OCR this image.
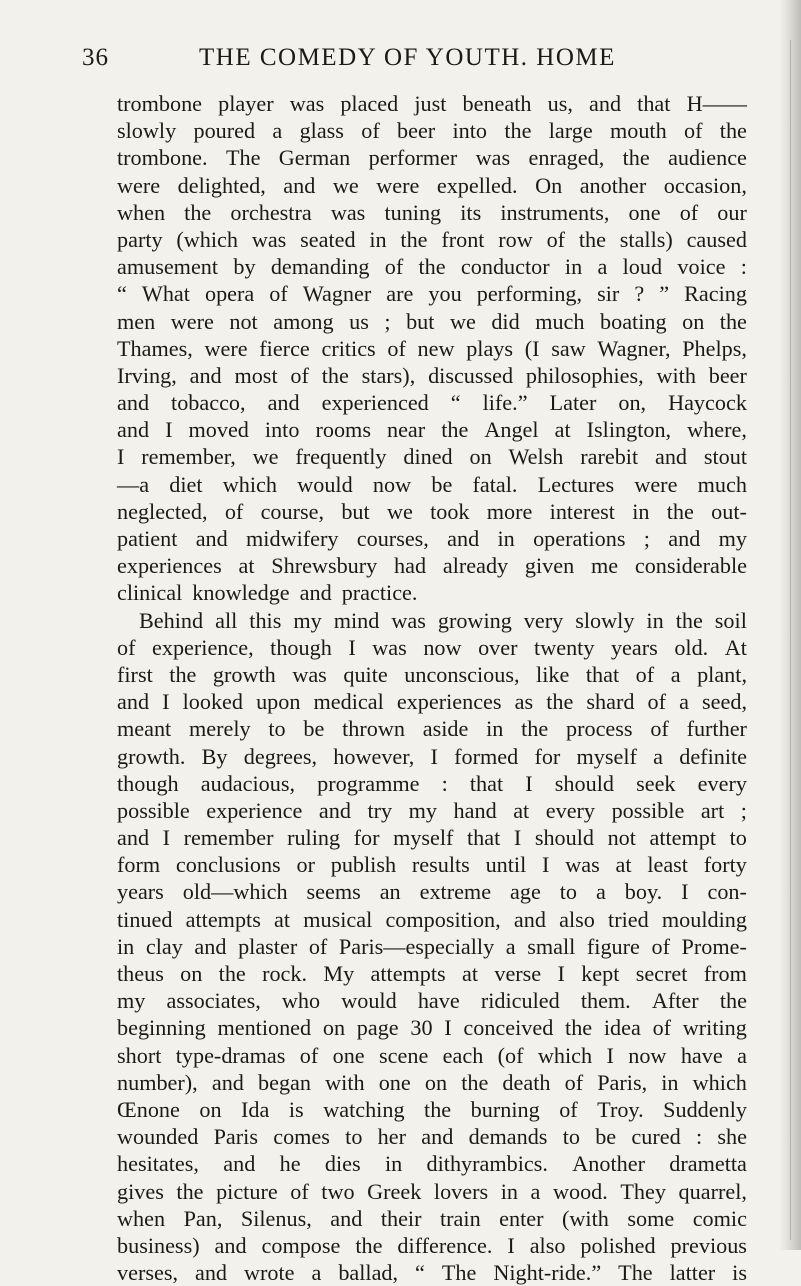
36	THE COMEDY OF YOUTH. HOME
trombone player was placed just beneath us, and that H——
slowly poured a glass of beer into the large mouth of the
trombone. The German performer was enraged, the audience
were delighted, and we were expelled. On another occasion,
when the orchestra was tuning its instruments, one of our
party (which was seated in the front row of the stalls) caused
amusement by demanding of the conductor in a loud voice :
“ What opera of Wagner are you performing, sir ? ” Racing
men were not among us ; but we did much boating on the
Thames, were fierce critics of new plays (I saw Wagner, Phelps,
Irving, and most of the stars), discussed philosophies, with beer
and tobacco, and experienced “ life.” Later on, Haycock
and I moved into rooms near the Angel at Islington, where,
I remember, we frequently dined on Welsh rarebit and stout
—a diet which would now be fatal. Lectures were much
neglected, of course, but we took more interest in the out-
patient and midwifery courses, and in operations ; and my
experiences at Shrewsbury had already given me considerable
clinical knowledge and practice.
Behind all this my mind was growing very slowly in the soil
of experience, though I was now over twenty years old. At
first the growth was quite unconscious, like that of a plant,
and I looked upon medical experiences as the shard of a seed,
meant merely to be thrown aside in the process of further
growth. By degrees, however, I formed for myself a definite
though audacious, programme : that I should seek every
possible experience and try my hand at every possible art ;
and I remember ruling for myself that I should not attempt to
form conclusions or publish results until I was at least forty
years old—which seems an extreme age to a boy. I con-
tinued attempts at musical composition, and also tried moulding
in clay and plaster of Paris—especially a small figure of Prome-
theus on the rock. My attempts at verse I kept secret from
my associates, who would have ridiculed them. After the
beginning mentioned on page 30 I conceived the idea of writing
short type-dramas of one scene each (of which I now have a
number), and began with one on the death of Paris, in which
Œnone on Ida is watching the burning of Troy. Suddenly
wounded Paris comes to her and demands to be cured : she
hesitates, and he dies in dithyrambics. Another drametta
gives the picture of two Greek lovers in a wood. They quarrel,
when Pan, Silenus, and their train enter (with some comic
business) and compose the difference. I also polished previous
verses, and wrote a ballad, “ The Night-ride.” The latter is
